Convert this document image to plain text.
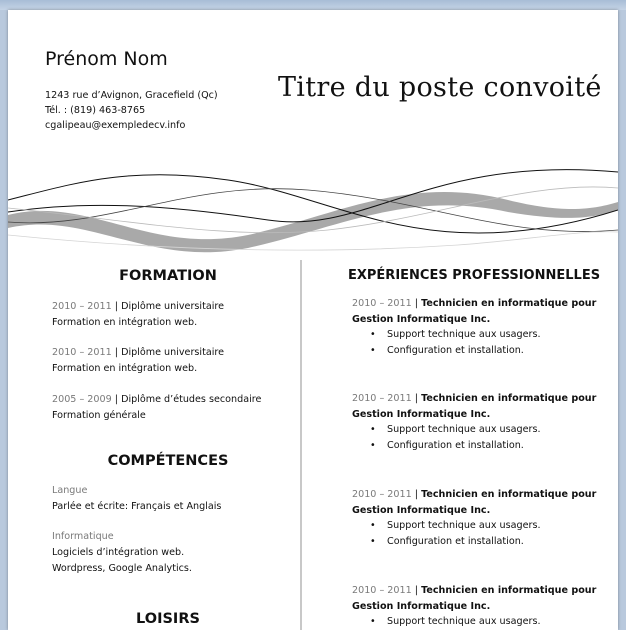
Prénom Nom
1243 rue d’Avignon, Gracefield (Qc)
Tél. : (819) 463-8765
cgalipeau@exempledecv.info
Titre du poste convoité
FORMATION
2010 – 2011 | Diplôme universitaire
Formation en intégration web.
2010 – 2011 | Diplôme universitaire
Formation en intégration web.
2005 – 2009 | Diplôme d’études secondaire
Formation générale
COMPÉTENCES
Langue
Parlée et écrite: Français et Anglais
Informatique
Logiciels d’intégration web.
Wordpress, Google Analytics.
LOISIRS
EXPÉRIENCES PROFESSIONNELLES
2010 – 2011 | Technicien en informatique pour Gestion Informatique Inc.
• Support technique aux usagers.
• Configuration et installation.
2010 – 2011 | Technicien en informatique pour Gestion Informatique Inc.
• Support technique aux usagers.
• Configuration et installation.
2010 – 2011 | Technicien en informatique pour Gestion Informatique Inc.
• Support technique aux usagers.
• Configuration et installation.
2010 – 2011 | Technicien en informatique pour Gestion Informatique Inc.
• Support technique aux usagers.
